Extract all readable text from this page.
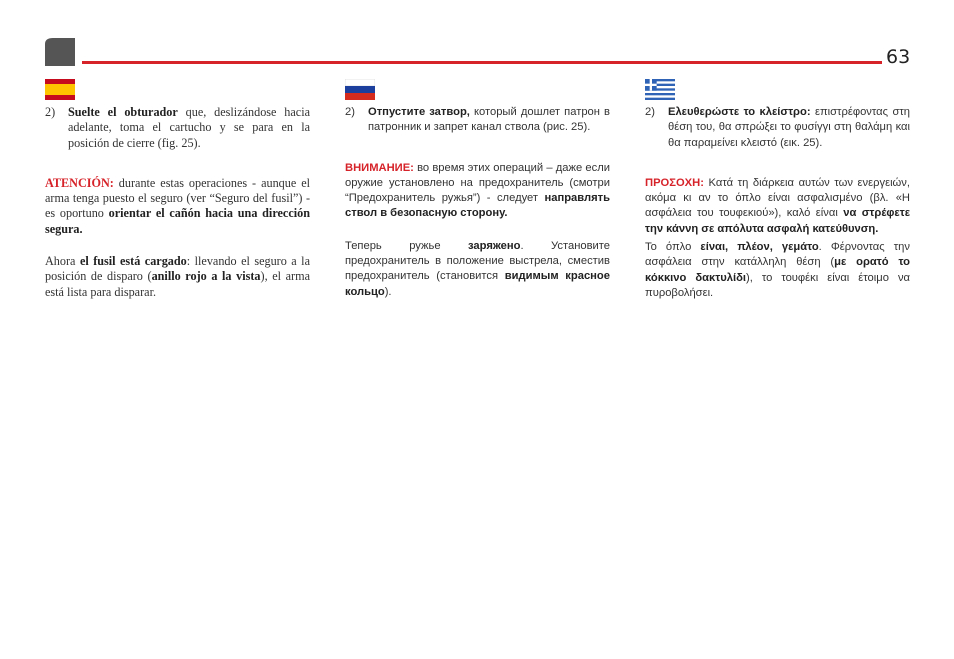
63
2)	Suelte el obturador que, deslizándose hacia adelante, toma el cartucho y se para en la posición de cierre (fig. 25).

ATENCIÓN: durante estas operaciones - aunque el arma tenga puesto el seguro (ver “Seguro del fusil”) - es oportuno orientar el cañón hacia una dirección segura.

Ahora el fusil está cargado: llevando el seguro a la posición de disparo (anillo rojo a la vista), el arma está lista para disparar.

2)	Отпустите затвор, который дошлет патрон в патронник и запрет канал ствола (рис. 25).

ВНИМАНИЕ: во время этих операций – даже если оружие установлено на предохранитель (смотри “Предохранитель ружья”) - следует направлять ствол в безопасную сторону.

Теперь ружье заряжено. Установите предохранитель в положение выстрела, сместив предохранитель (становится видимым красное кольцо).

2)	Ελευθερώστε το κλείστρο: επιστρέφοντας στη θέση του, θα σπρώξει το φυσίγγι στη θαλάμη και θα παραμείνει κλειστό (εικ. 25).

ΠΡΟΣΟΧΗ: Κατά τη διάρκεια αυτών των ενεργειών, ακόμα κι αν το όπλο είναι ασφαλισμένο (βλ. «Η ασφάλεια του τουφεκιού»), καλό είναι να στρέφετε την κάννη σε απόλυτα ασφαλή κατεύθυνση.

Το όπλο είναι, πλέον, γεμάτο. Φέρνοντας την ασφάλεια στην κατάλληλη θέση (με ορατό το κόκκινο δακτυλίδι), το τουφέκι είναι έτοιμο να πυροβολήσει.
